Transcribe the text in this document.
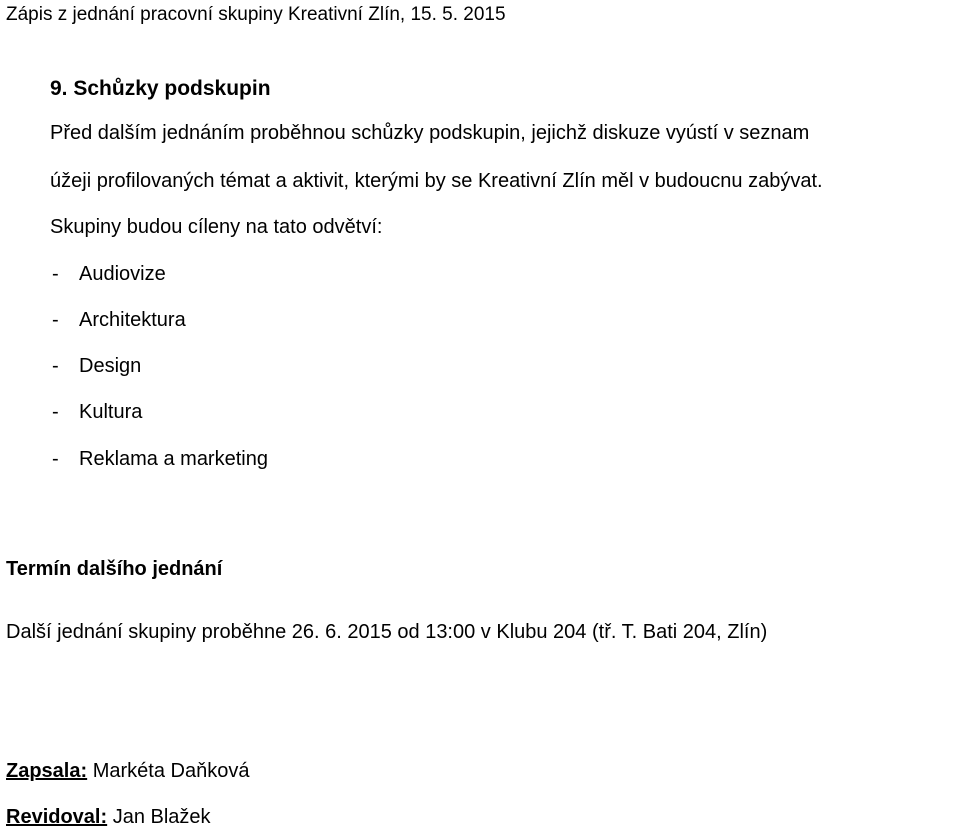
Zápis z jednání pracovní skupiny Kreativní Zlín, 15. 5. 2015
9. Schůzky podskupin
Před dalším jednáním proběhnou schůzky podskupin, jejichž diskuze vyústí v seznam
úžeji profilovaných témat a aktivit, kterými by se Kreativní Zlín měl v budoucnu zabývat.
Skupiny budou cíleny na tato odvětví:
- Audiovize
- Architektura
- Design
- Kultura
- Reklama a marketing
Termín dalšího jednání
Další jednání skupiny proběhne 26. 6. 2015 od 13:00 v Klubu 204 (tř. T. Bati 204, Zlín)
Zapsala: Markéta Daňková
Revidoval: Jan Blažek
